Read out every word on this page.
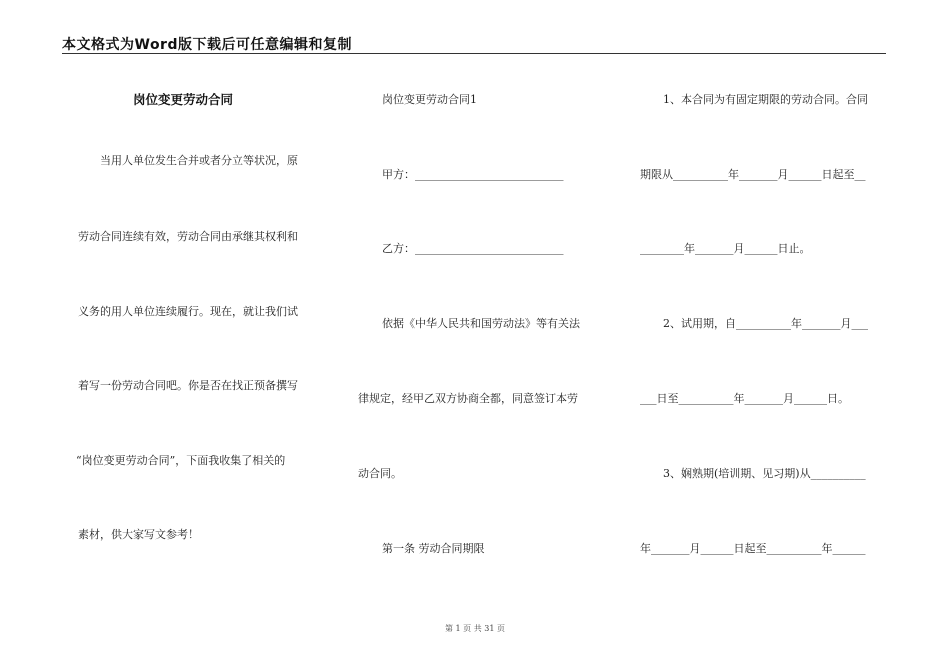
本文格式为Word版下载后可任意编辑和复制
岗位变更劳动合同
当用人单位发生合并或者分立等状况，原
劳动合同连续有效，劳动合同由承继其权利和
义务的用人单位连续履行。现在，就让我们试
着写一份劳动合同吧。你是否在找正预备撰写
“岗位变更劳动合同”，下面我收集了相关的
素材，供大家写文参考！
岗位变更劳动合同1
甲方：___________________________
乙方：___________________________
依据《中华人民共和国劳动法》等有关法
律规定，经甲乙双方协商全都，同意签订本劳
动合同。
第一条 劳动合同期限
1、本合同为有固定期限的劳动合同。合同
期限从__________年_______月______日起至__
________年_______月______日止。
2、试用期，自__________年_______月___
___日至__________年_______月______日。
3、娴熟期(培训期、见习期)从__________
年_______月______日起至__________年______
第 1 页 共 31 页
